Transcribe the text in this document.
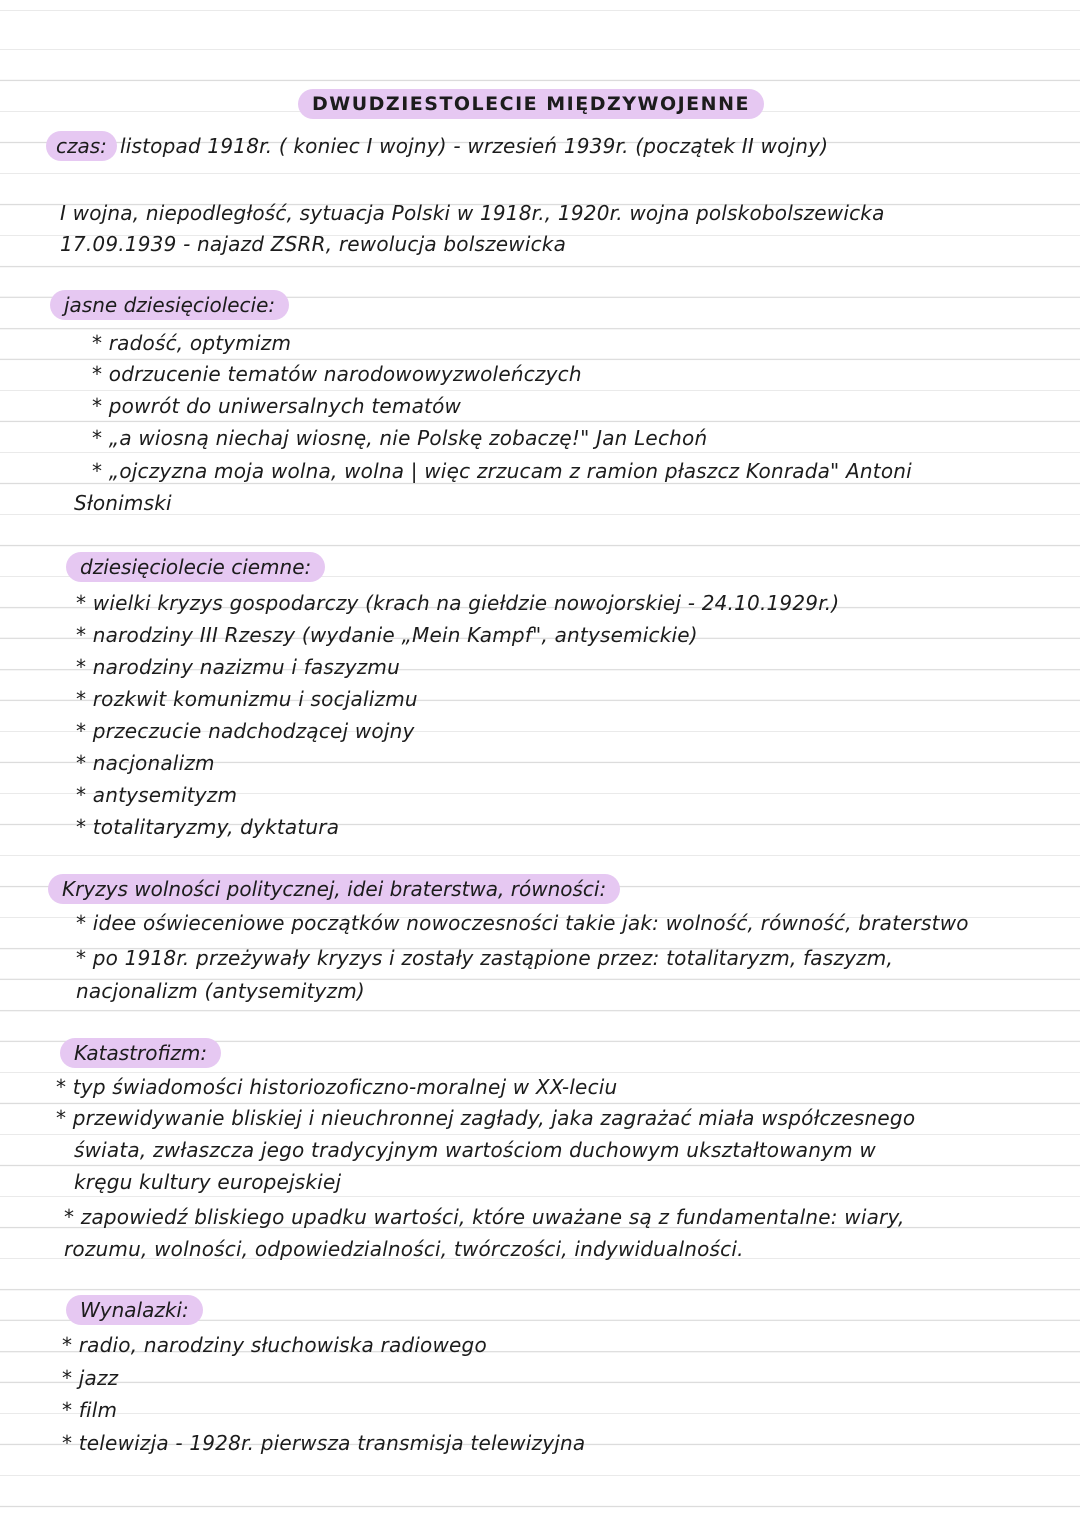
DWUDZIESTOLECIE MIĘDZYWOJENNE
czas: listopad 1918r. ( koniec I wojny) - wrzesień 1939r. (początek II wojny)
I wojna, niepodległość, sytuacja Polski w 1918r., 1920r. wojna polskobolszewicka
17.09.1939 - najazd ZSRR, rewolucja bolszewicka
jasne dziesięciolecie:
* radość, optymizm
* odrzucenie tematów narodowowyzwoleńczych
* powrót do uniwersalnych tematów
* „a wiosną niechaj wiosnę, nie Polskę zobaczę!" Jan Lechoń
* „ojczyzna moja wolna, wolna | więc zrzucam z ramion płaszcz Konrada" Antoni
Słonimski
dziesięciolecie ciemne:
* wielki kryzys gospodarczy (krach na giełdzie nowojorskiej - 24.10.1929r.)
* narodziny III Rzeszy (wydanie „Mein Kampf", antysemickie)
* narodziny nazizmu i faszyzmu
* rozkwit komunizmu i socjalizmu
* przeczucie nadchodzącej wojny
* nacjonalizm
* antysemityzm
* totalitaryzmy, dyktatura
Kryzys wolności politycznej, idei braterstwa, równości:
* idee oświeceniowe początków nowoczesności takie jak: wolność, równość, braterstwo
* po 1918r. przeżywały kryzys i zostały zastąpione przez: totalitaryzm, faszyzm,
nacjonalizm (antysemityzm)
Katastrofizm:
* typ świadomości historiozoficzno-moralnej w XX-leciu
* przewidywanie bliskiej i nieuchronnej zagłady, jaka zagrażać miała współczesnego
świata, zwłaszcza jego tradycyjnym wartościom duchowym ukształtowanym w
kręgu kultury europejskiej
* zapowiedź bliskiego upadku wartości, które uważane są z fundamentalne: wiary,
rozumu, wolności, odpowiedzialności, twórczości, indywidualności.
Wynalazki:
* radio, narodziny słuchowiska radiowego
* jazz
* film
* telewizja - 1928r. pierwsza transmisja telewizyjna
